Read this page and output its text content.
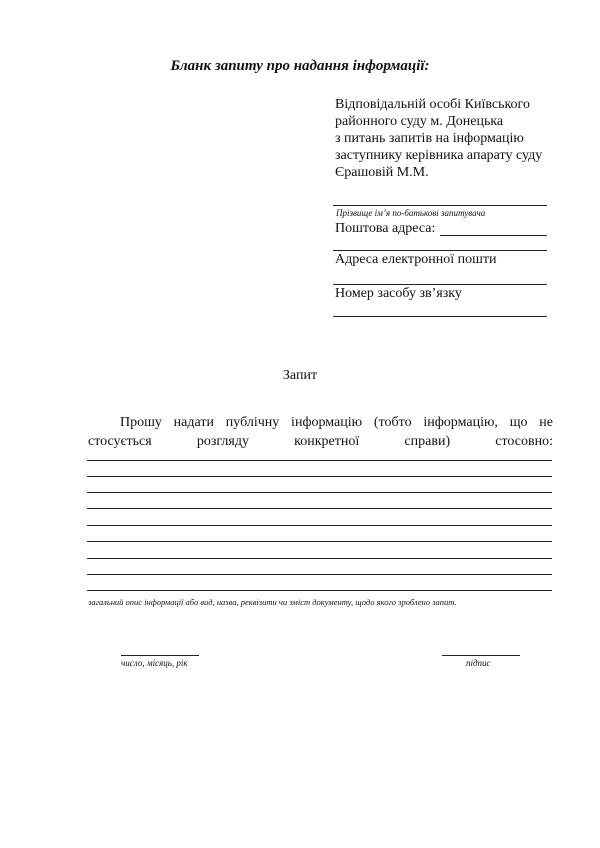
Бланк запиту про надання інформації:
Відповідальній особі Київського
районного суду м. Донецька
з питань запитів на інформацію
заступнику керівника апарату суду
Єрашовій М.М.
Прізвище ім’я по-батькові запитувача
Поштова адреса:
Адреса електронної пошти
Номер засобу зв’язку
Запит
Прошу надати публічну інформацію (тобто інформацію, що не
стосується розгляду конкретної справи) стосовно:
загальний опис інформації або вид, назва, реквізити чи зміст документу, щодо якого зроблено запит.
число, місяць, рік	підпис
